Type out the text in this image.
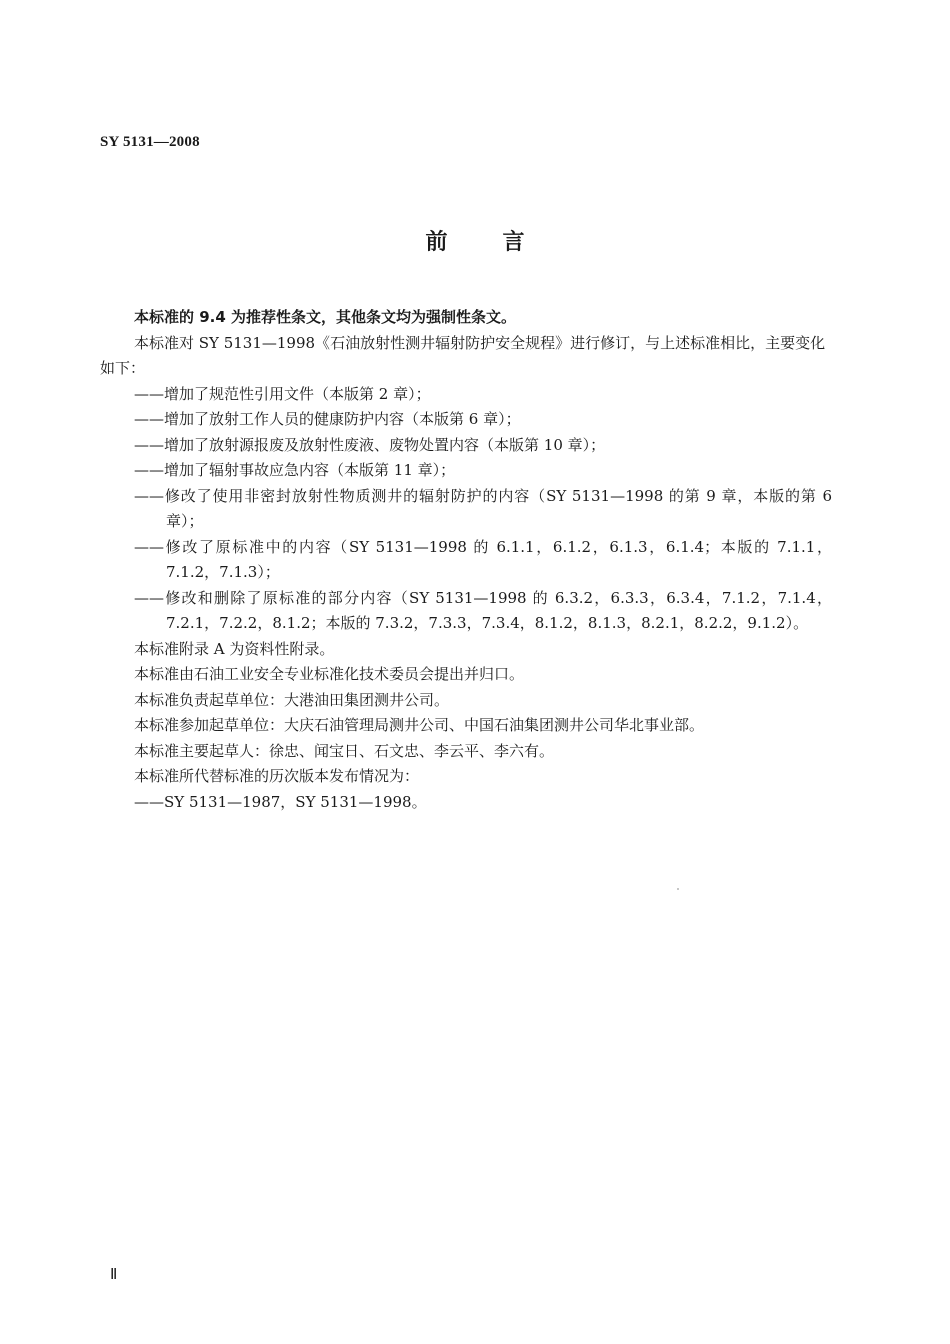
SY 5131—2008
前言

本标准的 9.4 为推荐性条文，其他条文均为强制性条文。

本标准对 SY 5131—1998《石油放射性测井辐射防护安全规程》进行修订，与上述标准相比，主要变化如下：

——增加了规范性引用文件（本版第 2 章）；

——增加了放射工作人员的健康防护内容（本版第 6 章）；

——增加了放射源报废及放射性废液、废物处置内容（本版第 10 章）；

——增加了辐射事故应急内容（本版第 11 章）；

——修改了使用非密封放射性物质测井的辐射防护的内容（SY 5131—1998 的第 9 章，本版的第 6 章）；

——修改了原标准中的内容（SY 5131—1998 的 6.1.1，6.1.2，6.1.3，6.1.4；本版的 7.1.1，7.1.2，7.1.3）；

——修改和删除了原标准的部分内容（SY 5131—1998 的 6.3.2，6.3.3，6.3.4，7.1.2，7.1.4，7.2.1，7.2.2，8.1.2；本版的 7.3.2，7.3.3，7.3.4，8.1.2，8.1.3，8.2.1，8.2.2，9.1.2）。

本标准附录 A 为资料性附录。

本标准由石油工业安全专业标准化技术委员会提出并归口。

本标准负责起草单位：大港油田集团测井公司。

本标准参加起草单位：大庆石油管理局测井公司、中国石油集团测井公司华北事业部。

本标准主要起草人：徐忠、闻宝日、石文忠、李云平、李六有。

本标准所代替标准的历次版本发布情况为：

——SY 5131—1987，SY 5131—1998。

Ⅱ
